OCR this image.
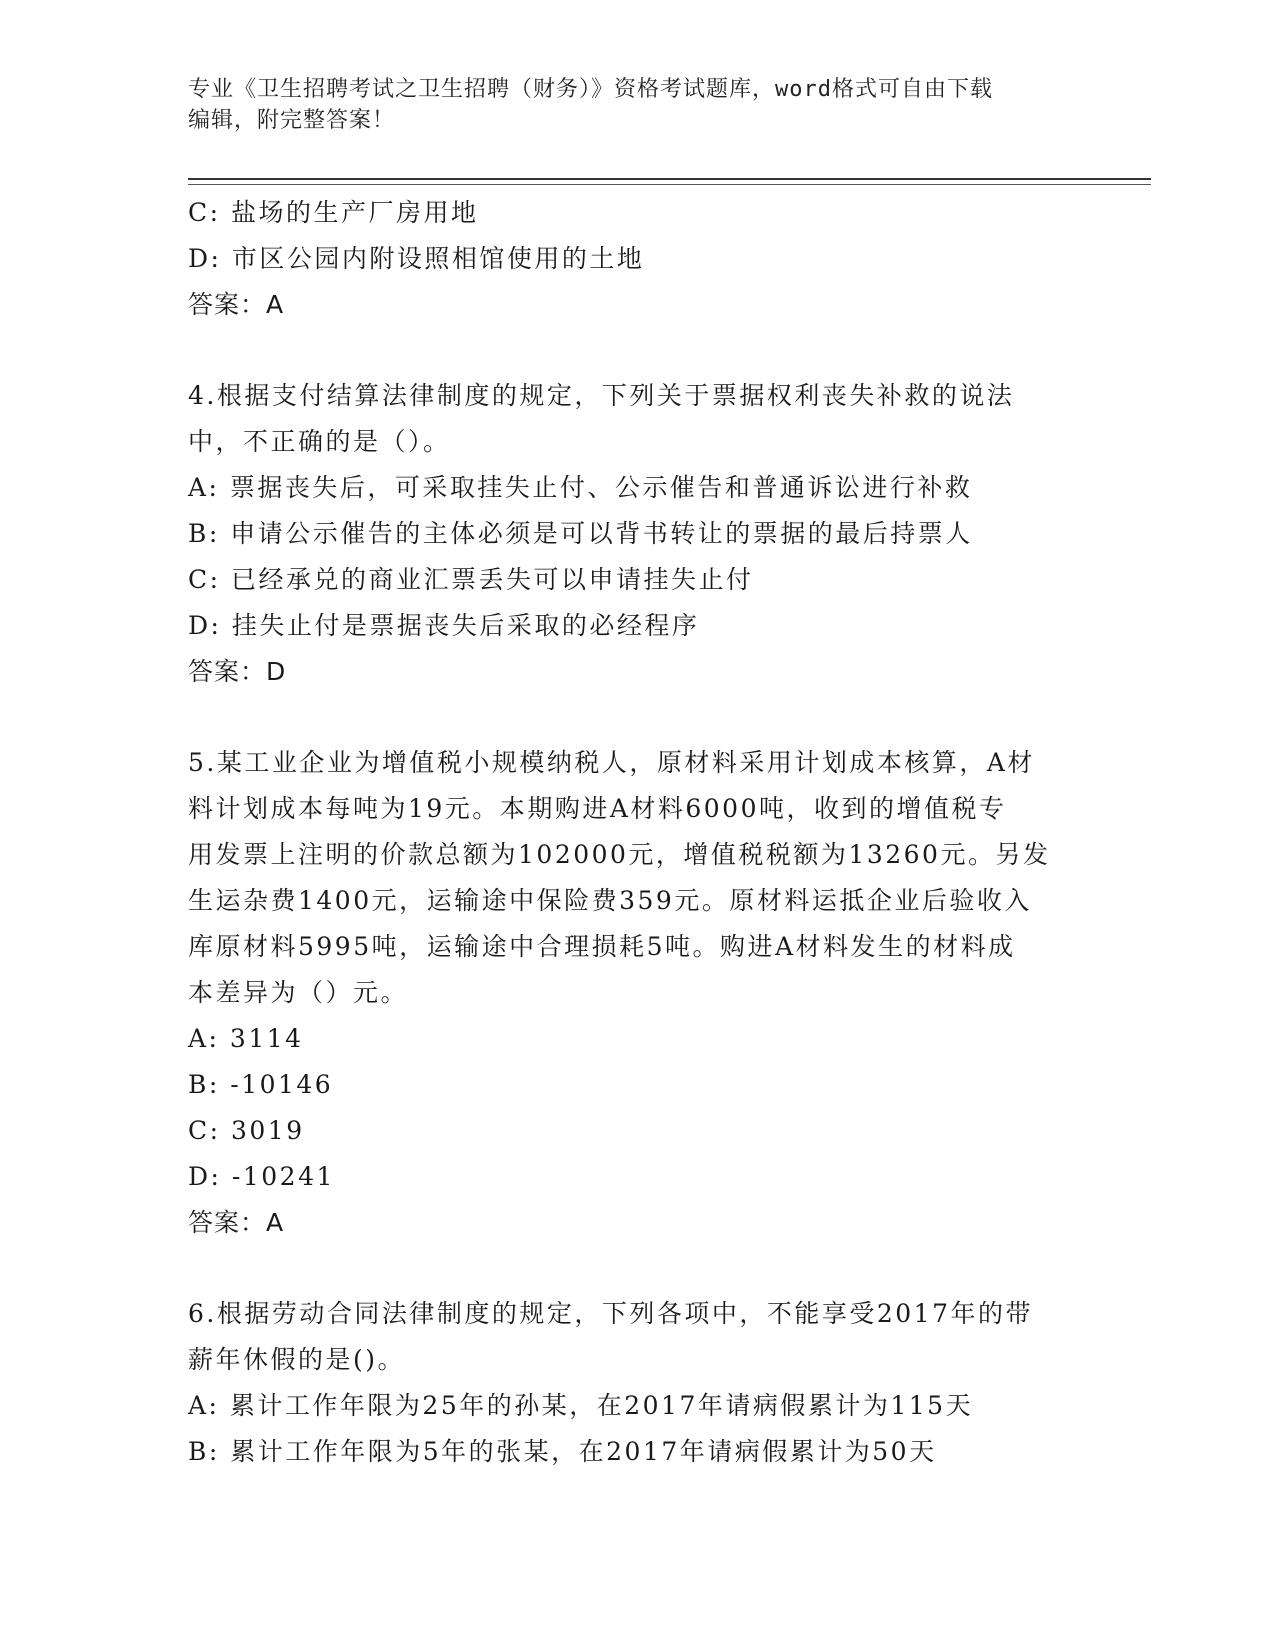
专业《卫生招聘考试之卫生招聘（财务）》资格考试题库，word格式可自由下载
编辑，附完整答案！
C: 盐场的生产厂房用地
D: 市区公园内附设照相馆使用的土地
答案：A
4.根据支付结算法律制度的规定，下列关于票据权利丧失补救的说法
中，不正确的是（）。
A: 票据丧失后，可采取挂失止付、公示催告和普通诉讼进行补救
B: 申请公示催告的主体必须是可以背书转让的票据的最后持票人
C: 已经承兑的商业汇票丢失可以申请挂失止付
D: 挂失止付是票据丧失后采取的必经程序
答案：D
5.某工业企业为增值税小规模纳税人，原材料采用计划成本核算，A材
料计划成本每吨为19元。本期购进A材料6000吨，收到的增值税专
用发票上注明的价款总额为102000元，增值税税额为13260元。另发
生运杂费1400元，运输途中保险费359元。原材料运抵企业后验收入
库原材料5995吨，运输途中合理损耗5吨。购进A材料发生的材料成
本差异为（）元。
A: 3114
B: -10146
C: 3019
D: -10241
答案：A
6.根据劳动合同法律制度的规定，下列各项中，不能享受2017年的带
薪年休假的是()。
A: 累计工作年限为25年的孙某，在2017年请病假累计为115天
B: 累计工作年限为5年的张某，在2017年请病假累计为50天
